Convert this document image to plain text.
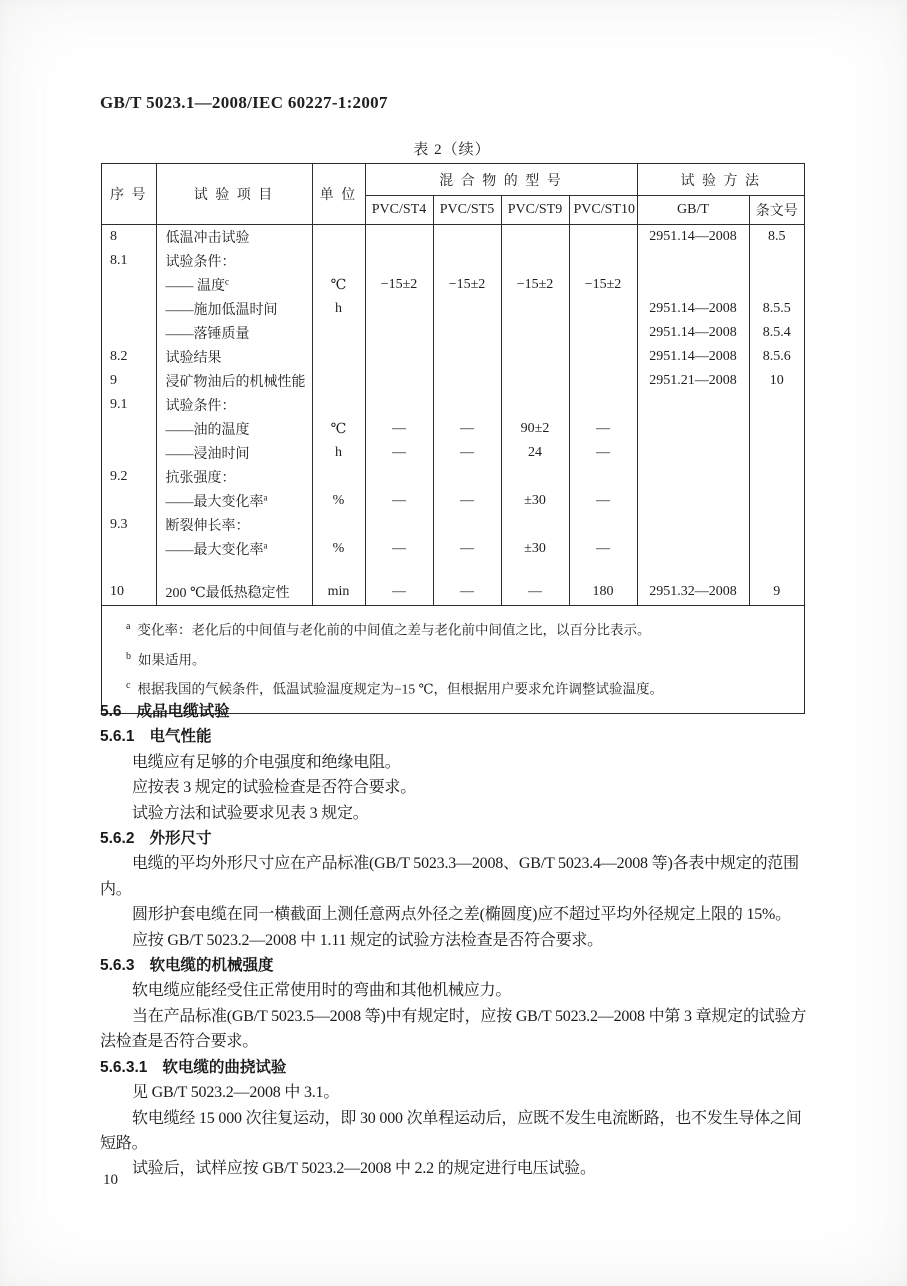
GB/T 5023.1—2008/IEC 60227-1:2007
表 2（续）
序 号	试 验 项 目	单 位	混 合 物 的 型 号				试 验 方 法	
			PVC/ST4	PVC/ST5	PVC/ST9	PVC/ST10	GB/T	条文号
8	低温冲击试验						2951.14—2008	8.5
8.1	试验条件：							
	—— 温度$^c$	℃	−15±2	−15±2	−15±2	−15±2		
	——施加低温时间	h					2951.14—2008	8.5.5
	——落锤质量						2951.14—2008	8.5.4
8.2	试验结果						2951.14—2008	8.5.6
9	浸矿物油后的机械性能						2951.21—2008	10
9.1	试验条件：							
	——油的温度	℃	—	—	90±2	—		
	——浸油时间	h	—	—	24	—		
9.2	抗张强度：							
	——最大变化率$^a$	%	—	—	±30	—		
9.3	断裂伸长率：							
	——最大变化率$^a$	%	—	—	±30	—		

10	200 ℃最低热稳定性	min	—	—	—	180	2951.32—2008	9
$^a$ 变化率：老化后的中间值与老化前的中间值之差与老化前中间值之比，以百分比表示。
$^b$ 如果适用。
$^c$ 根据我国的气候条件，低温试验温度规定为−15 ℃，但根据用户要求允许调整试验温度。
5.6 成品电缆试验
5.6.1 电气性能

电缆应有足够的介电强度和绝缘电阻。

应按表 3 规定的试验检查是否符合要求。

试验方法和试验要求见表 3 规定。

5.6.2 外形尺寸

电缆的平均外形尺寸应在产品标准(GB/T 5023.3—2008、GB/T 5023.4—2008 等)各表中规定的范围内。

圆形护套电缆在同一横截面上测任意两点外径之差(椭圆度)应不超过平均外径规定上限的 15%。

应按 GB/T 5023.2—2008 中 1.11 规定的试验方法检查是否符合要求。

5.6.3 软电缆的机械强度

软电缆应能经受住正常使用时的弯曲和其他机械应力。

当在产品标准(GB/T 5023.5—2008 等)中有规定时，应按 GB/T 5023.2—2008 中第 3 章规定的试验方法检查是否符合要求。

5.6.3.1 软电缆的曲挠试验

见 GB/T 5023.2—2008 中 3.1。

软电缆经 15 000 次往复运动，即 30 000 次单程运动后，应既不发生电流断路，也不发生导体之间短路。

试验后，试样应按 GB/T 5023.2—2008 中 2.2 的规定进行电压试验。

10
